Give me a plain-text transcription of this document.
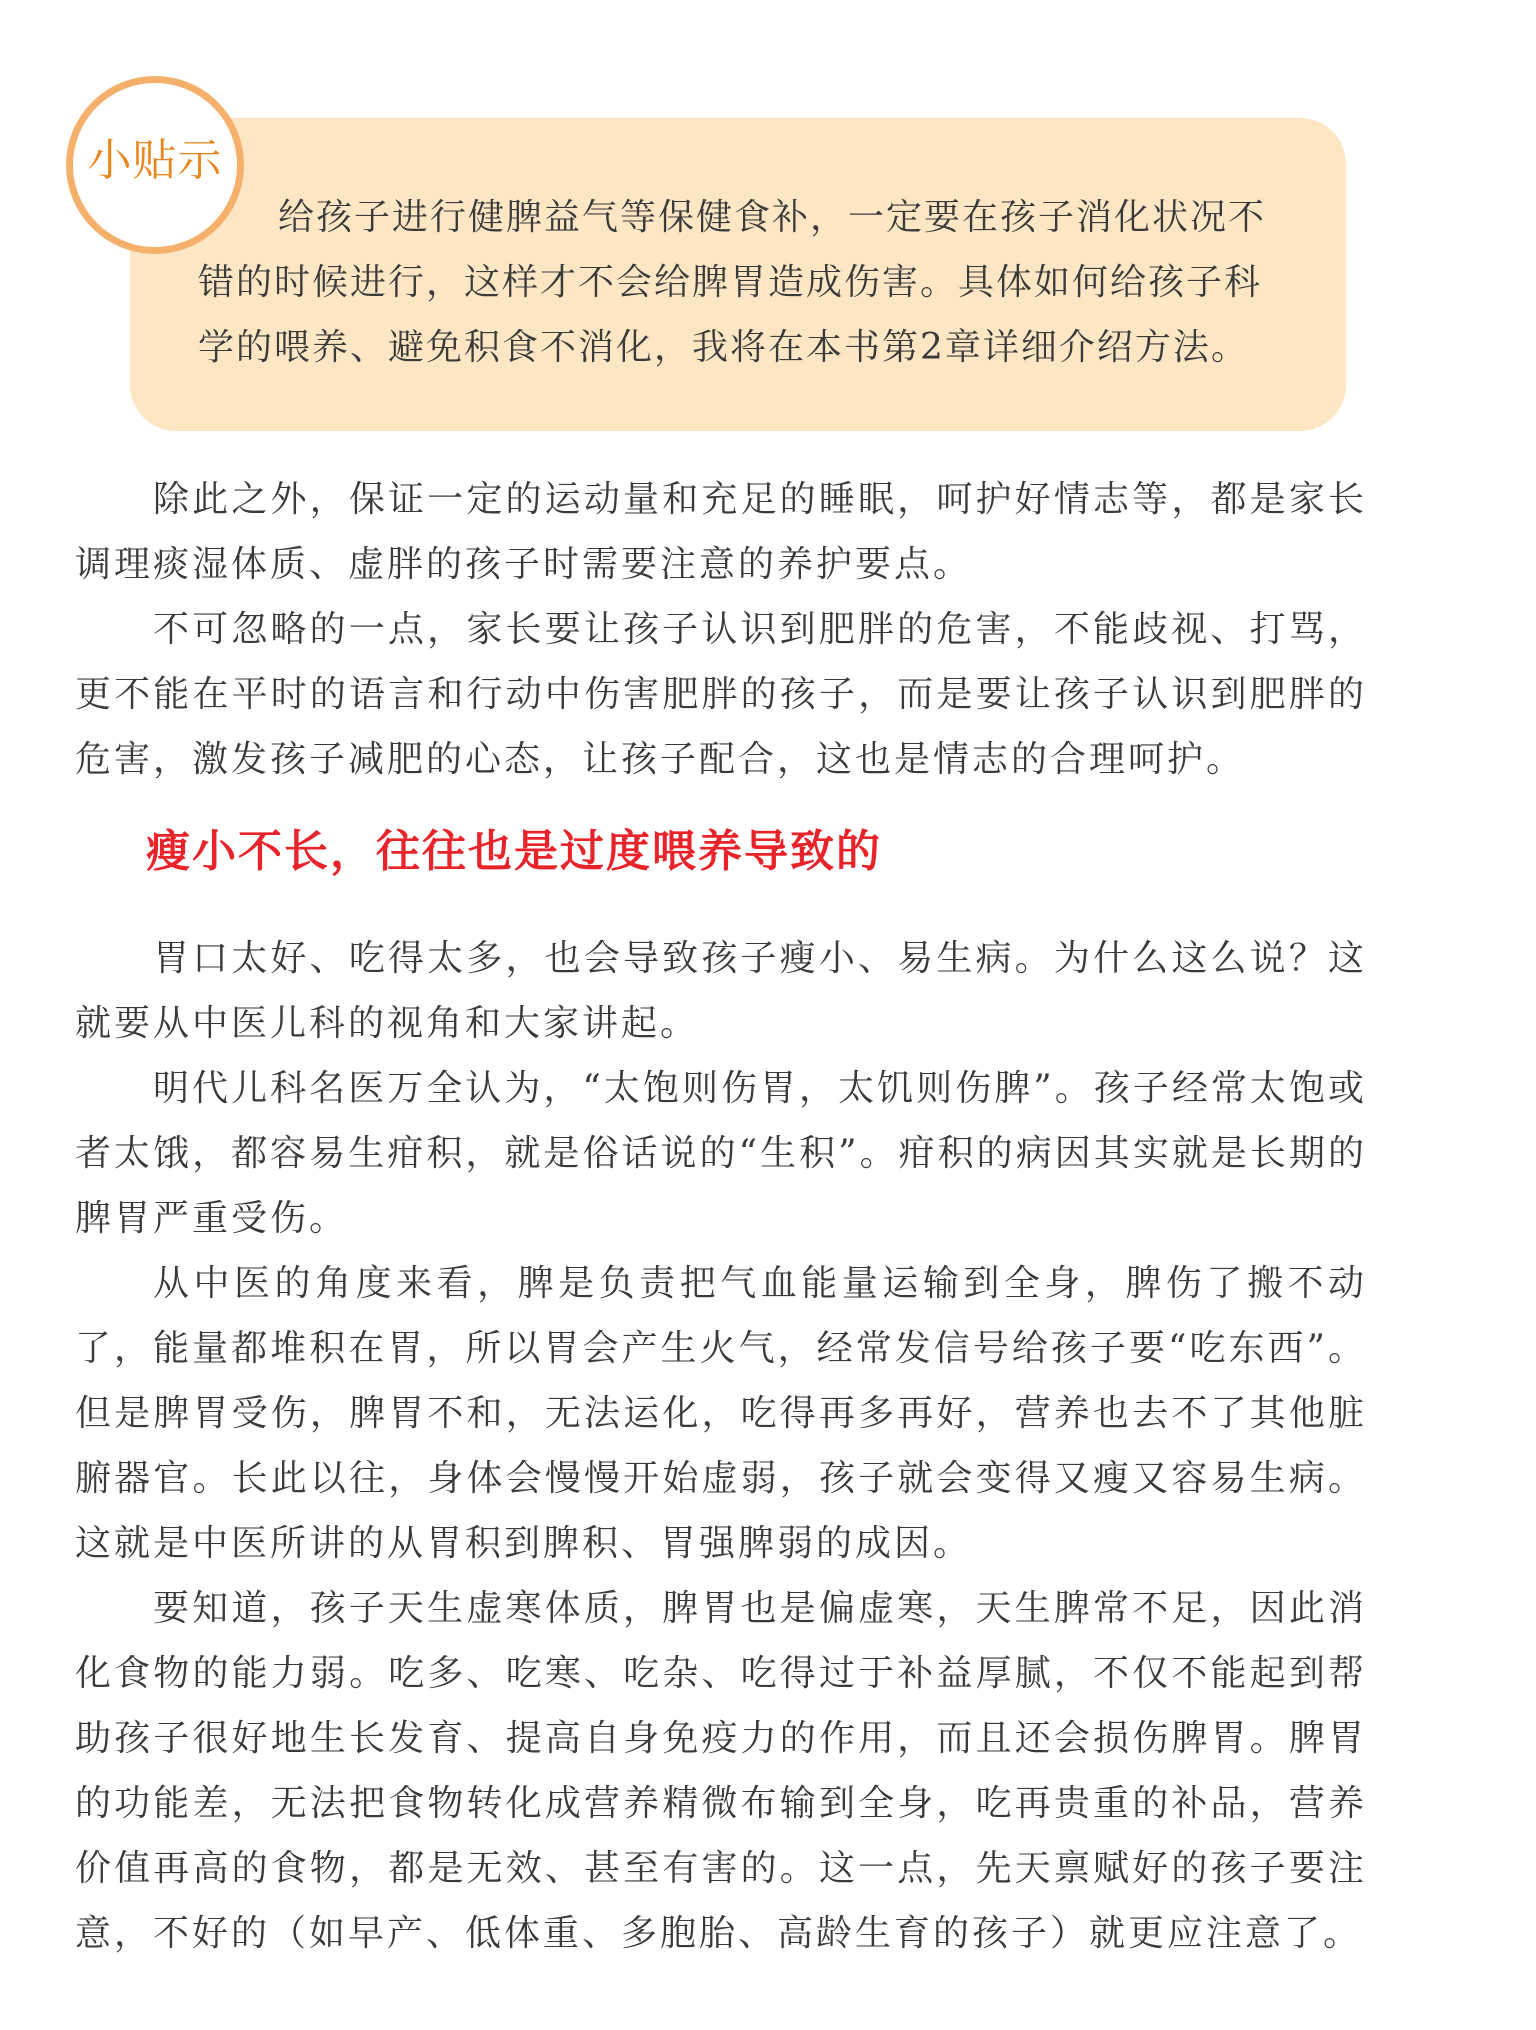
小贴示
给孩子进行健脾益气等保健食补，一定要在孩子消化状况不
错的时候进行，这样才不会给脾胃造成伤害。具体如何给孩子科
学的喂养、避免积食不消化，我将在本书第2章详细介绍方法。

除此之外，保证一定的运动量和充足的睡眠，呵护好情志等，都是家长调理痰湿体质、虚胖的孩子时需要注意的养护要点。

不可忽略的一点，家长要让孩子认识到肥胖的危害，不能歧视、打骂，更不能在平时的语言和行动中伤害肥胖的孩子，而是要让孩子认识到肥胖的危害，激发孩子减肥的心态，让孩子配合，这也是情志的合理呵护。

瘦小不长，往往也是过度喂养导致的

胃口太好、吃得太多，也会导致孩子瘦小、易生病。为什么这么说？这就要从中医儿科的视角和大家讲起。

明代儿科名医万全认为，“太饱则伤胃，太饥则伤脾”。孩子经常太饱或者太饿，都容易生疳积，就是俗话说的“生积”。疳积的病因其实就是长期的脾胃严重受伤。

从中医的角度来看，脾是负责把气血能量运输到全身，脾伤了搬不动了，能量都堆积在胃，所以胃会产生火气，经常发信号给孩子要“吃东西”。但是脾胃受伤，脾胃不和，无法运化，吃得再多再好，营养也去不了其他脏腑器官。长此以往，身体会慢慢开始虚弱，孩子就会变得又瘦又容易生病。这就是中医所讲的从胃积到脾积、胃强脾弱的成因。

要知道，孩子天生虚寒体质，脾胃也是偏虚寒，天生脾常不足，因此消化食物的能力弱。吃多、吃寒、吃杂、吃得过于补益厚腻，不仅不能起到帮助孩子很好地生长发育、提高自身免疫力的作用，而且还会损伤脾胃。脾胃的功能差，无法把食物转化成营养精微布输到全身，吃再贵重的补品，营养价值再高的食物，都是无效、甚至有害的。这一点，先天禀赋好的孩子要注意，不好的（如早产、低体重、多胞胎、高龄生育的孩子）就更应注意了。
